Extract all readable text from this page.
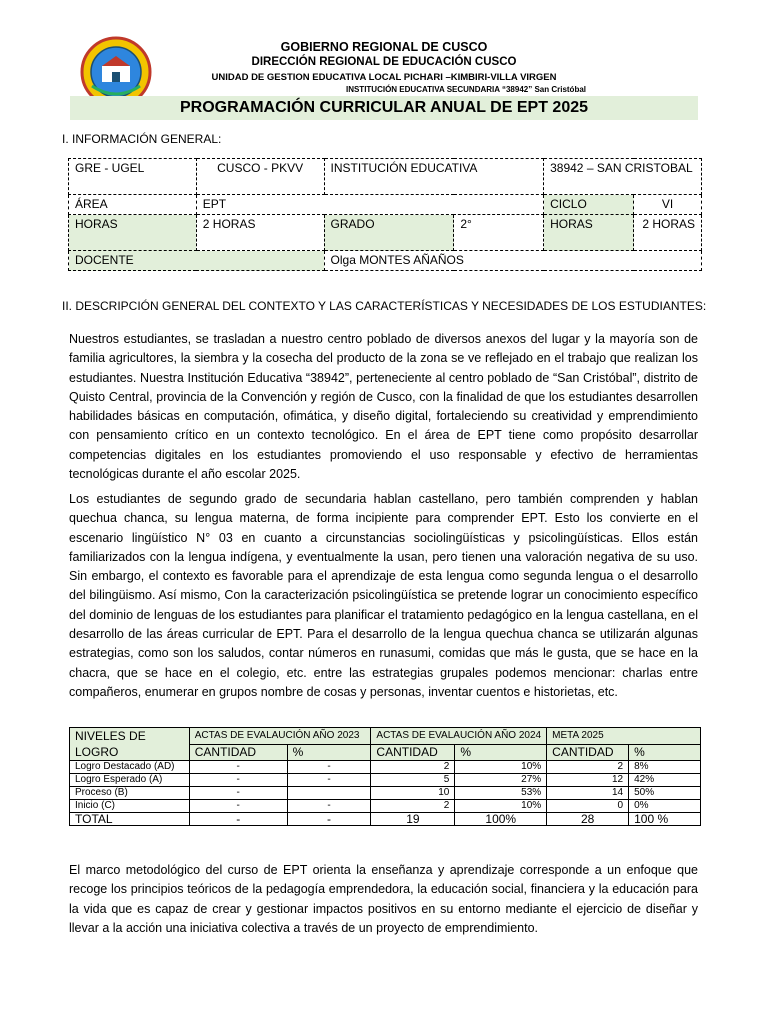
GOBIERNO REGIONAL DE CUSCO
DIRECCIÓN REGIONAL DE EDUCACIÓN CUSCO
UNIDAD DE GESTION EDUCATIVA LOCAL PICHARI –KIMBIRI-VILLA VIRGEN
INSTITUCIÓN EDUCATIVA SECUNDARIA “38942” San Cristóbal
PROGRAMACIÓN CURRICULAR ANUAL DE EPT 2025
I. INFORMACIÓN GENERAL:
GRE - UGEL	CUSCO - PKVV	INSTITUCIÓN EDUCATIVA		38942 – SAN CRISTOBAL	
ÁREA	EPT			CICLO	VI
HORAS	2 HORAS	GRADO	2°	HORAS	2 HORAS
DOCENTE		Olga MONTES AÑAÑOS			
II. DESCRIPCIÓN GENERAL DEL CONTEXTO Y LAS CARACTERÍSTICAS Y NECESIDADES DE LOS ESTUDIANTES:

Nuestros estudiantes, se trasladan a nuestro centro poblado de diversos anexos del lugar y la mayoría son de familia agricultores, la siembra y la cosecha del producto de la zona se ve reflejado en el trabajo que realizan los estudiantes. Nuestra Institución Educativa “38942”, perteneciente al centro poblado de “San Cristóbal”, distrito de Quisto Central, provincia de la Convención y región de Cusco, con la finalidad de que los estudiantes desarrollen habilidades básicas en computación, ofimática, y diseño digital, fortaleciendo su creatividad y emprendimiento con pensamiento crítico en un contexto tecnológico. En el área de EPT tiene como propósito desarrollar competencias digitales en los estudiantes promoviendo el uso responsable y efectivo de herramientas tecnológicas durante el año escolar 2025.

Los estudiantes de segundo grado de secundaria hablan castellano, pero también comprenden y hablan quechua chanca, su lengua materna, de forma incipiente para comprender EPT. Esto los convierte en el escenario lingüístico N° 03 en cuanto a circunstancias sociolingüísticas y psicolingüísticas. Ellos están familiarizados con la lengua indígena, y eventualmente la usan, pero tienen una valoración negativa de su uso. Sin embargo, el contexto es favorable para el aprendizaje de esta lengua como segunda lengua o el desarrollo del bilingüismo. Así mismo, Con la caracterización psicolingüística se pretende lograr un conocimiento específico del dominio de lenguas de los estudiantes para planificar el tratamiento pedagógico en la lengua castellana, en el desarrollo de las áreas curricular de EPT. Para el desarrollo de la lengua quechua chanca se utilizarán algunas estrategias, como son los saludos, contar números en runasumi, comidas que más le gusta, que se hace en la chacra, que se hace en el colegio, etc. entre las estrategias grupales podemos mencionar: charlas entre compañeros, enumerar en grupos nombre de cosas y personas, inventar cuentos e historietas, etc.

NIVELES DE LOGRO	ACTAS DE EVALAUCIÓN AÑO 2023		ACTAS DE EVALAUCIÓN AÑO 2024		META 2025	
	CANTIDAD	%	CANTIDAD	%	CANTIDAD	%
Logro Destacado (AD)	-	-	2	10%	2	8%
Logro Esperado (A)	-	-	5	27%	12	42%
Proceso (B)	-		10	53%	14	50%
Inicio (C)	-	-	2	10%	0	0%
TOTAL	-	-	19	100%	28	100 %

El marco metodológico del curso de EPT orienta la enseñanza y aprendizaje corresponde a un enfoque que recoge los principios teóricos de la pedagogía emprendedora, la educación social, financiera y la educación para la vida que es capaz de crear y gestionar impactos positivos en su entorno mediante el ejercicio de diseñar y llevar a la acción una iniciativa colectiva a través de un proyecto de emprendimiento.
